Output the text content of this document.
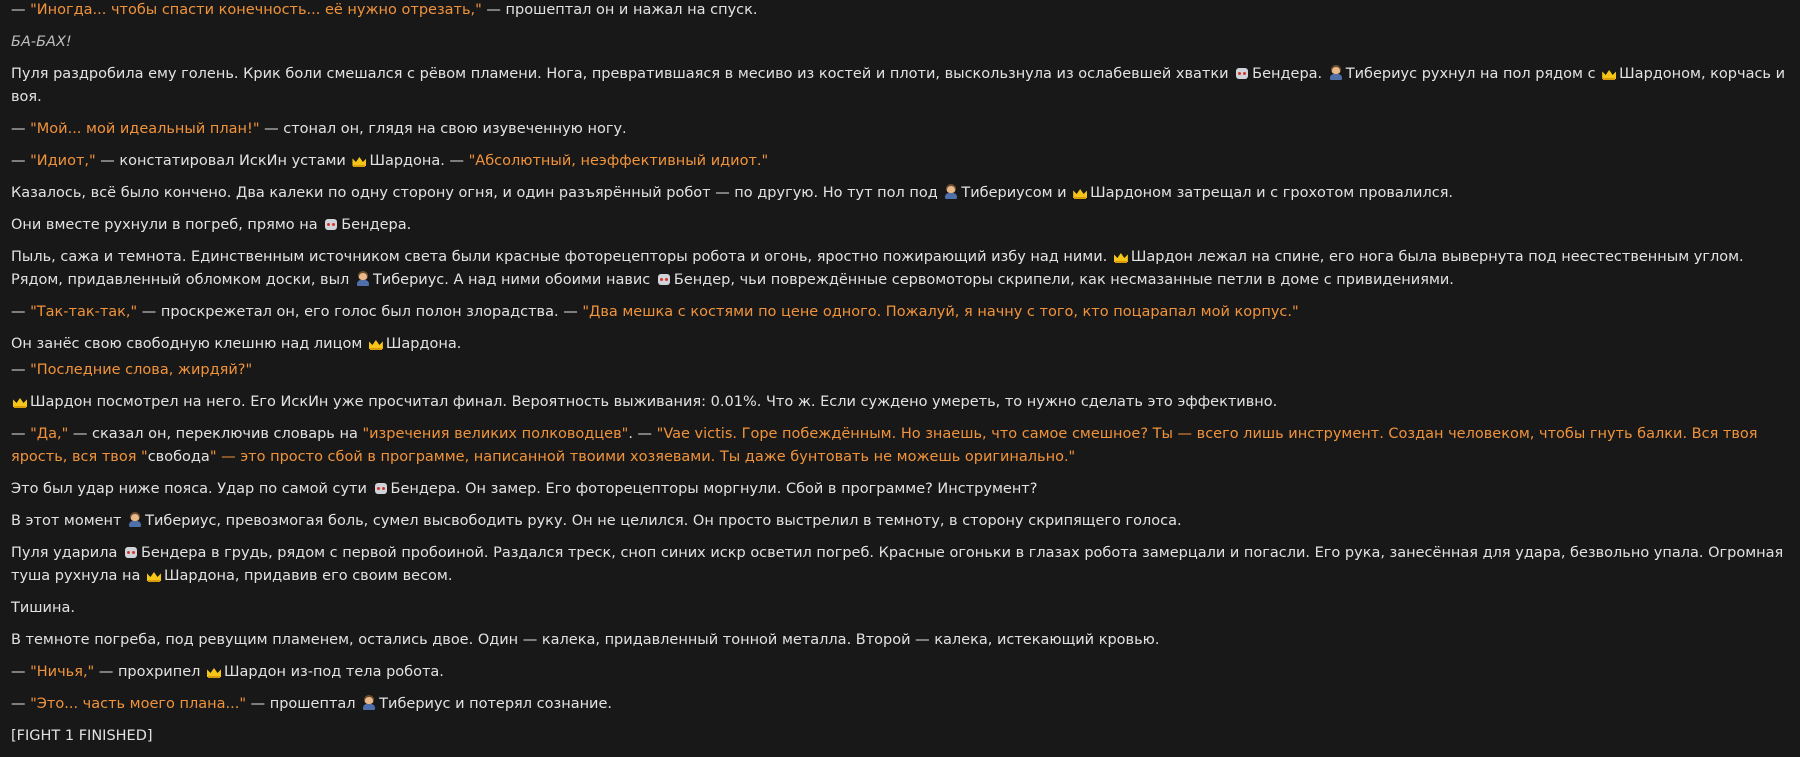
— "Иногда... чтобы спасти конечность... её нужно отрезать," — прошептал он и нажал на спуск.
БА-БАХ!
Пуля раздробила ему голень. Крик боли смешался с рёвом пламени. Нога, превратившаяся в месиво из костей и плоти, выскользнула из ослабевшей хватки Бендера. Тибериус рухнул на пол рядом с Шардоном, корчась и воя.
— "Мой... мой идеальный план!" — стонал он, глядя на свою изувеченную ногу.
— "Идиот," — констатировал ИскИн устами Шардона. — "Абсолютный, неэффективный идиот."
Казалось, всё было кончено. Два калеки по одну сторону огня, и один разъярённый робот — по другую. Но тут пол под Тибериусом и Шардоном затрещал и с грохотом провалился.
Они вместе рухнули в погреб, прямо на Бендера.
Пыль, сажа и темнота. Единственным источником света были красные фоторецепторы робота и огонь, яростно пожирающий избу над ними. Шардон лежал на спине, его нога была вывернута под неестественным углом. Рядом, придавленный обломком доски, выл Тибериус. А над ними обоими навис Бендер, чьи повреждённые сервомоторы скрипели, как несмазанные петли в доме с привидениями.
— "Так-так-так," — проскрежетал он, его голос был полон злорадства. — "Два мешка с костями по цене одного. Пожалуй, я начну с того, кто поцарапал мой корпус."
Он занёс свою свободную клешню над лицом Шардона.
— "Последние слова, жирдяй?"
Шардон посмотрел на него. Его ИскИн уже просчитал финал. Вероятность выживания: 0.01%. Что ж. Если суждено умереть, то нужно сделать это эффективно.
— "Да," — сказал он, переключив словарь на "изречения великих полководцев". — "Vae victis. Горе побеждённым. Но знаешь, что самое смешное? Ты — всего лишь инструмент. Создан человеком, чтобы гнуть балки. Вся твоя ярость, вся твоя "свобода" — это просто сбой в программе, написанной твоими хозяевами. Ты даже бунтовать не можешь оригинально."
Это был удар ниже пояса. Удар по самой сути Бендера. Он замер. Его фоторецепторы моргнули. Сбой в программе? Инструмент?
В этот момент Тибериус, превозмогая боль, сумел высвободить руку. Он не целился. Он просто выстрелил в темноту, в сторону скрипящего голоса.
Пуля ударила Бендера в грудь, рядом с первой пробоиной. Раздался треск, сноп синих искр осветил погреб. Красные огоньки в глазах робота замерцали и погасли. Его рука, занесённая для удара, безвольно упала. Огромная туша рухнула на Шардона, придавив его своим весом.
Тишина.
В темноте погреба, под ревущим пламенем, остались двое. Один — калека, придавленный тонной металла. Второй — калека, истекающий кровью.
— "Ничья," — прохрипел Шардон из-под тела робота.
— "Это... часть моего плана..." — прошептал Тибериус и потерял сознание.
[FIGHT 1 FINISHED]
